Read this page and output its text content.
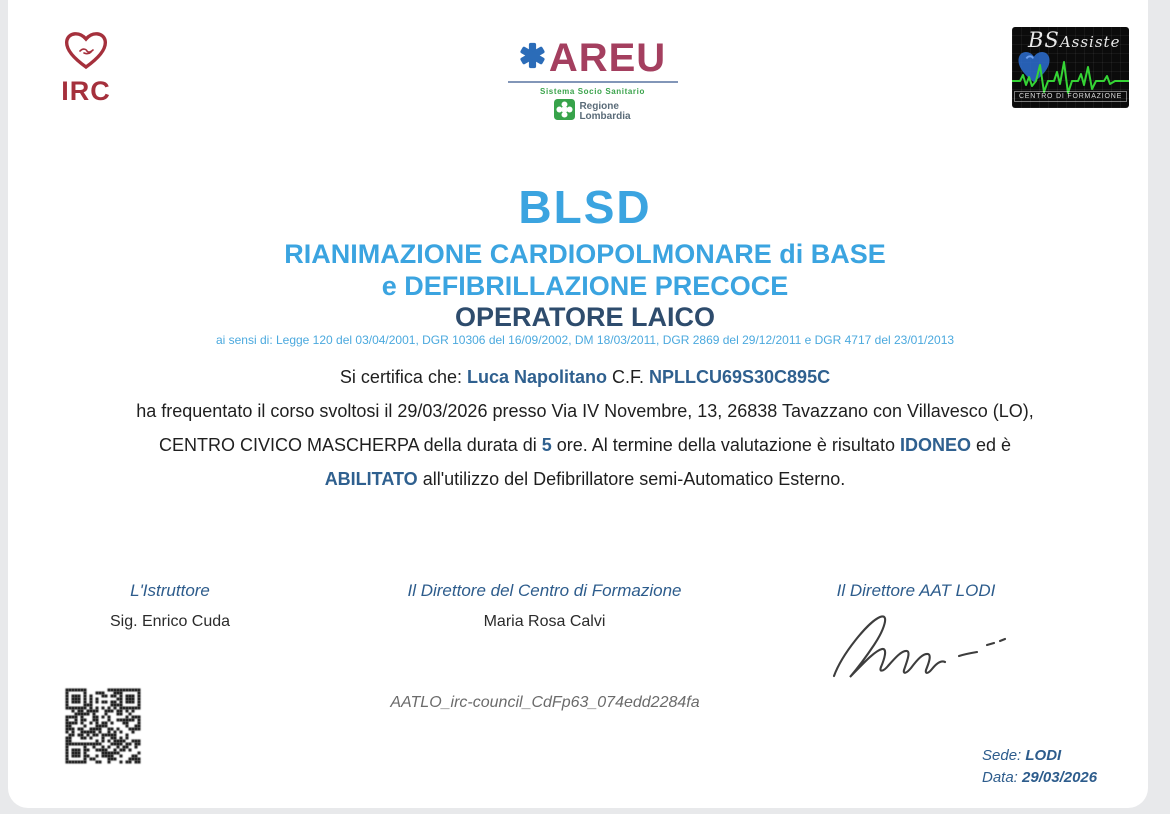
IRC
AREU
Sistema Socio Sanitario
Regione
Lombardia
BSAssiste
CENTRO DI FORMAZIONE
BLSD
RIANIMAZIONE CARDIOPOLMONARE di BASE
e DEFIBRILLAZIONE PRECOCE
OPERATORE LAICO
ai sensi di: Legge 120 del 03/04/2001, DGR 10306 del 16/09/2002, DM 18/03/2011, DGR 2869 del 29/12/2011 e DGR 4717 del 23/01/2013
Si certifica che: Luca Napolitano C.F. NPLLCU69S30C895C
ha frequentato il corso svoltosi il 29/03/2026 presso Via IV Novembre, 13, 26838 Tavazzano con Villavesco (LO),
CENTRO CIVICO MASCHERPA della durata di 5 ore. Al termine della valutazione è risultato IDONEO ed è
ABILITATO all'utilizzo del Defibrillatore semi-Automatico Esterno.
L'Istruttore	Il Direttore del Centro di Formazione	Il Direttore AAT LODI
Sig. Enrico Cuda	Maria Rosa Calvi
AATLO_irc-council_CdFp63_074edd2284fa
Sede: LODI
Data: 29/03/2026
